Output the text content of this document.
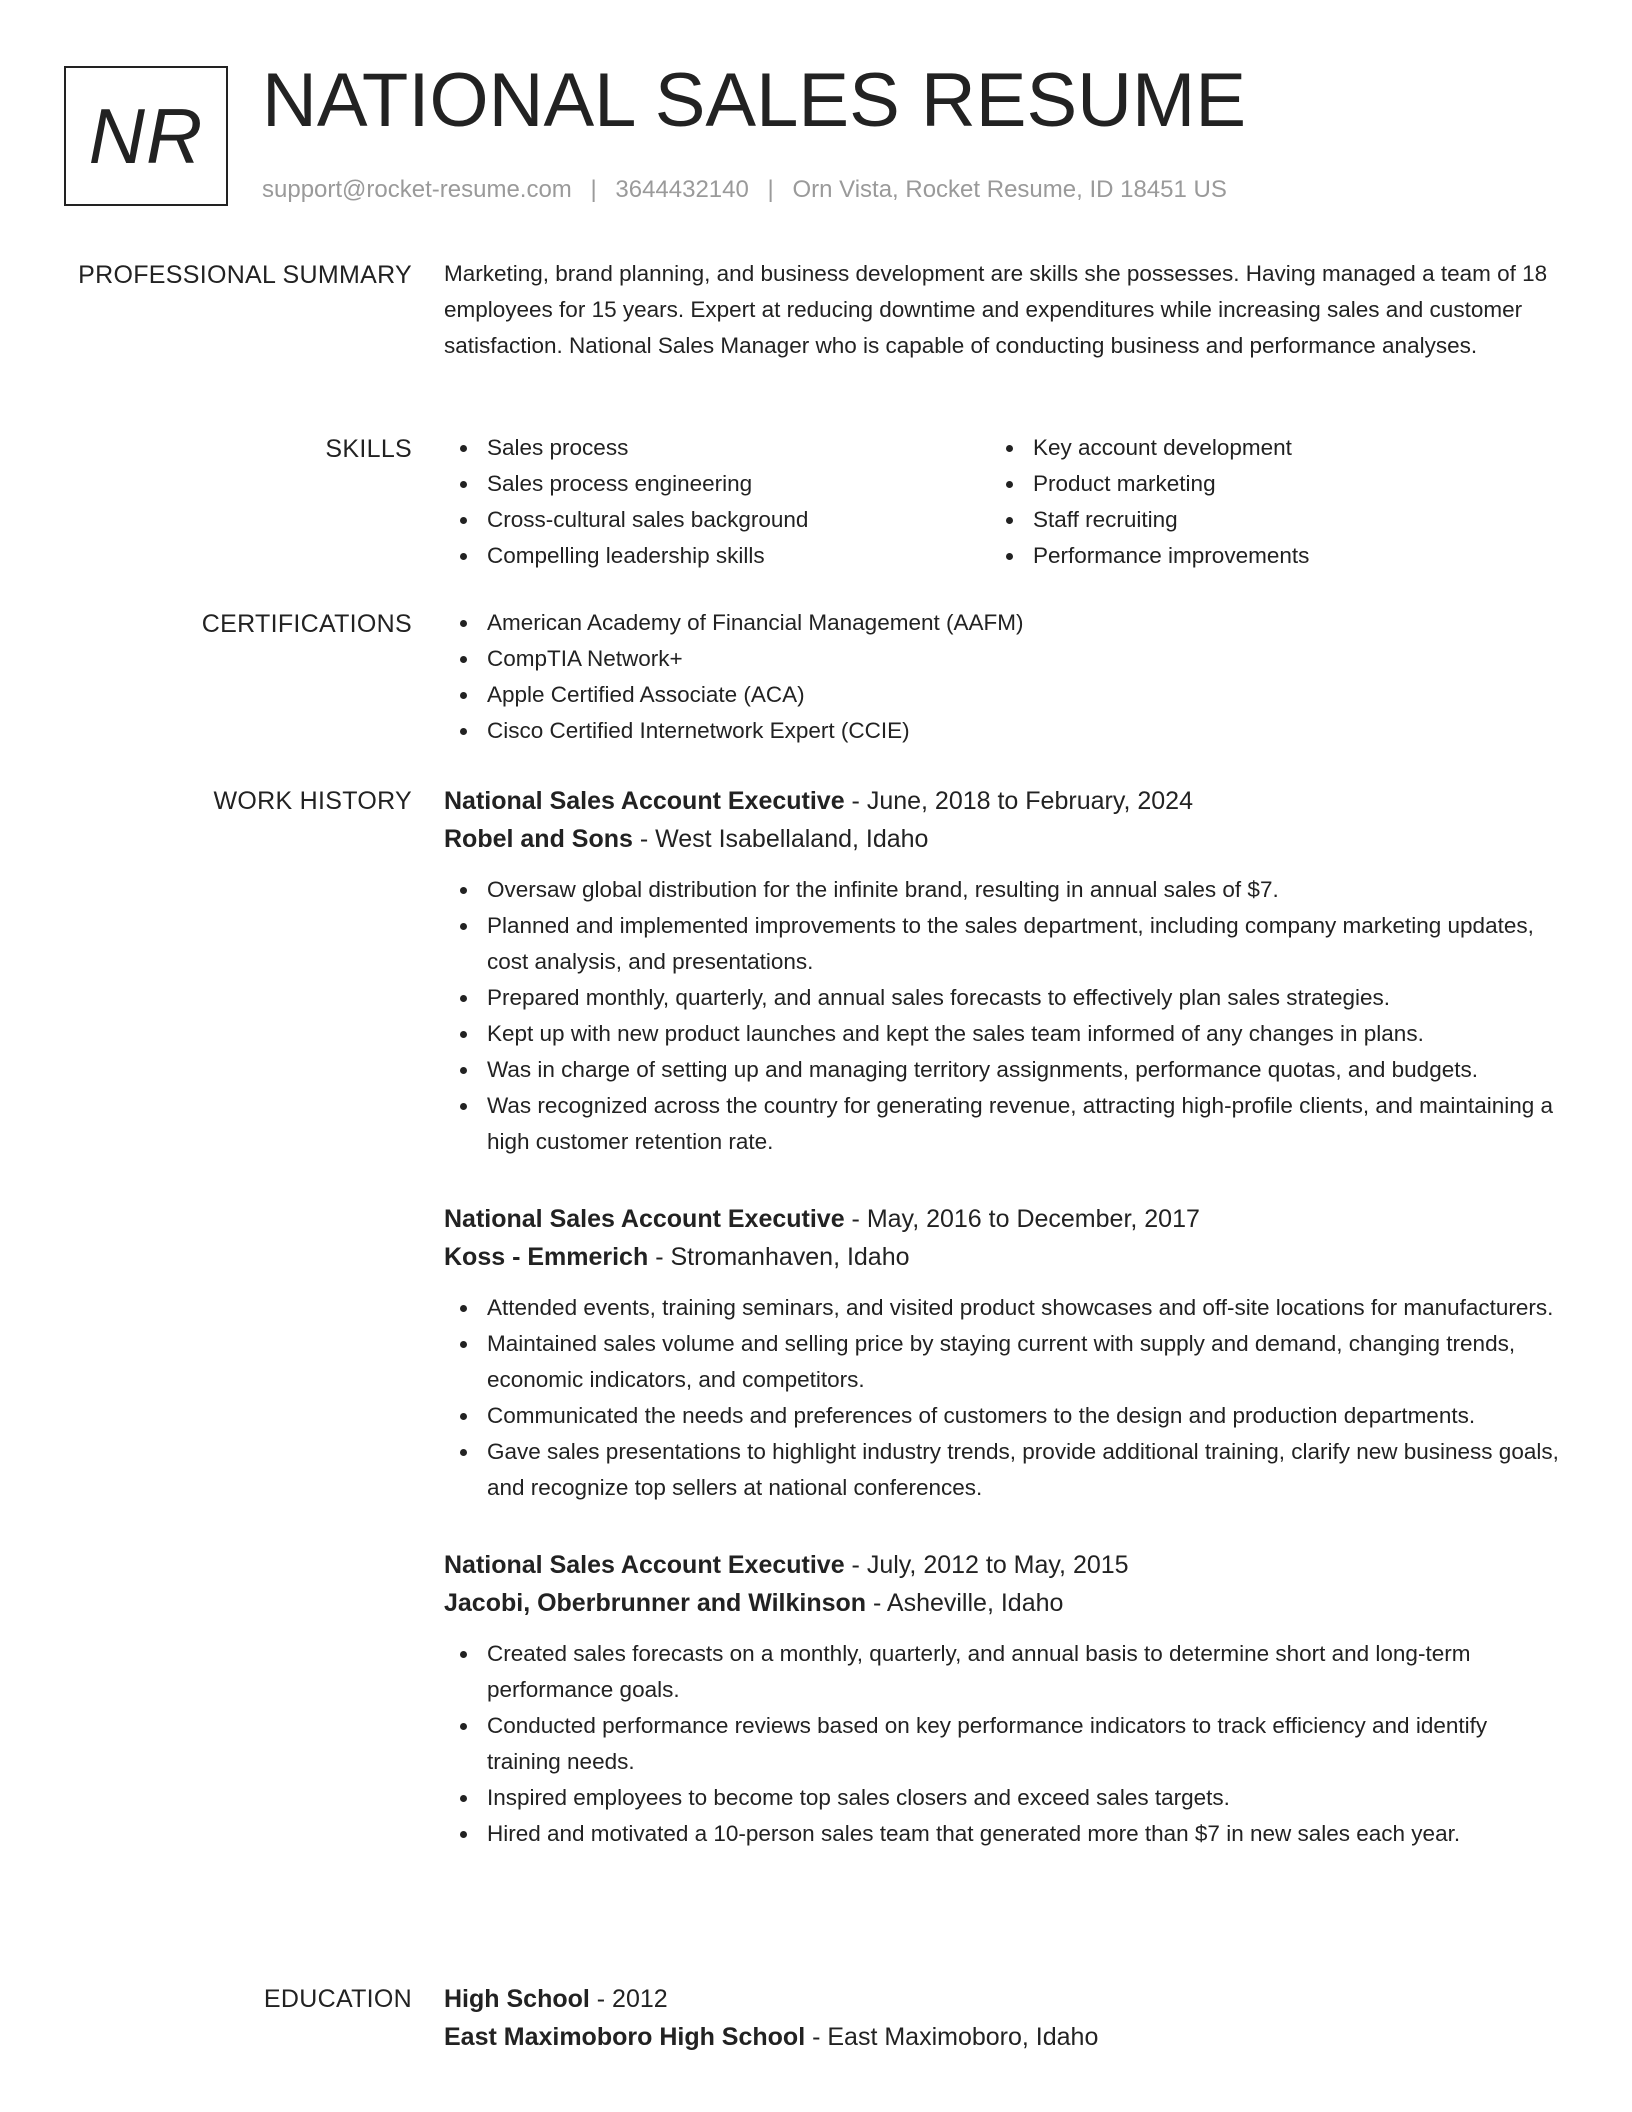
NR NATIONAL SALES RESUME
support@rocket-resume.com | 3644432140 | Orn Vista, Rocket Resume, ID 18451 US
PROFESSIONAL SUMMARY Marketing, brand planning, and business development are skills she possesses. Having managed a team of 18 employees for 15 years. Expert at reducing downtime and expenditures while increasing sales and customer satisfaction. National Sales Manager who is capable of conducting business and performance analyses.

SKILLS	Sales process	Key account development
Sales process engineering	Product marketing
Cross-cultural sales background	Staff recruiting
Compelling leadership skills	Performance improvements
CERTIFICATIONS	American Academy of Financial Management (AAFM)
CompTIA Network+
Apple Certified Associate (ACA)
Cisco Certified Internetwork Expert (CCIE)
WORK HISTORY National Sales Account Executive - June, 2018 to February, 2024
Robel and Sons - West Isabellaland, Idaho
Oversaw global distribution for the infinite brand, resulting in annual sales of $7.
Planned and implemented improvements to the sales department, including company marketing updates, cost analysis, and presentations.
Prepared monthly, quarterly, and annual sales forecasts to effectively plan sales strategies.
Kept up with new product launches and kept the sales team informed of any changes in plans.
Was in charge of setting up and managing territory assignments, performance quotas, and budgets.
Was recognized across the country for generating revenue, attracting high-profile clients, and maintaining a high customer retention rate.
National Sales Account Executive - May, 2016 to December, 2017
Koss - Emmerich - Stromanhaven, Idaho
Attended events, training seminars, and visited product showcases and off-site locations for manufacturers.
Maintained sales volume and selling price by staying current with supply and demand, changing trends, economic indicators, and competitors.
Communicated the needs and preferences of customers to the design and production departments.
Gave sales presentations to highlight industry trends, provide additional training, clarify new business goals, and recognize top sellers at national conferences.
National Sales Account Executive - July, 2012 to May, 2015
Jacobi, Oberbrunner and Wilkinson - Asheville, Idaho
Created sales forecasts on a monthly, quarterly, and annual basis to determine short and long-term performance goals.
Conducted performance reviews based on key performance indicators to track efficiency and identify training needs.
Inspired employees to become top sales closers and exceed sales targets.
Hired and motivated a 10-person sales team that generated more than $7 in new sales each year.
EDUCATION High School - 2012
East Maximoboro High School - East Maximoboro, Idaho
